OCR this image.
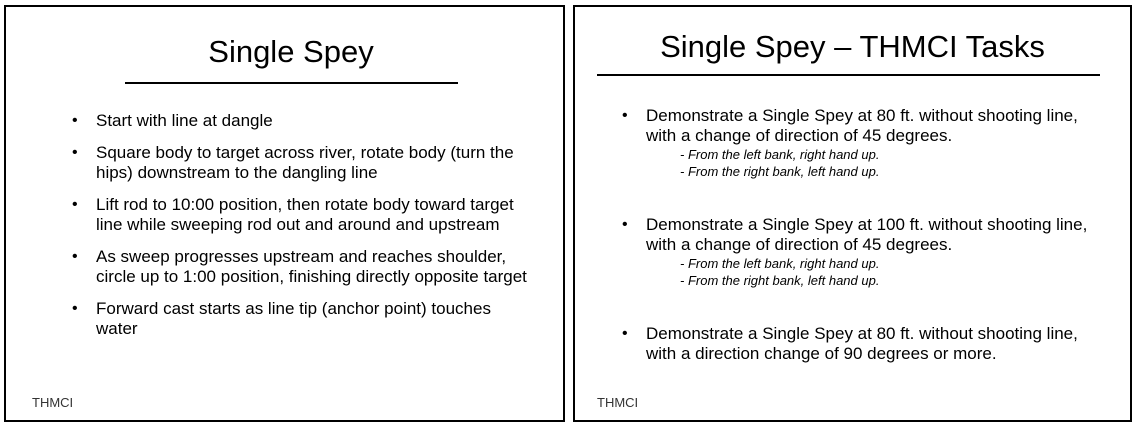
Single Spey
• Start with line at dangle
• Square body to target across river, rotate body (turn the hips) downstream to the dangling line
• Lift rod to 10:00 position, then rotate body toward target line while sweeping rod out and around and upstream
• As sweep progresses upstream and reaches shoulder, circle up to 1:00 position, finishing directly opposite target
• Forward cast starts as line tip (anchor point) touches water
THMCI
Single Spey – THMCI Tasks
• Demonstrate a Single Spey at 80 ft. without shooting line, with a change of direction of 45 degrees.
- From the left bank, right hand up.
- From the right bank, left hand up.
• Demonstrate a Single Spey at 100 ft. without shooting line, with a change of direction of 45 degrees.
- From the left bank, right hand up.
- From the right bank, left hand up.
• Demonstrate a Single Spey at 80 ft. without shooting line, with a direction change of 90 degrees or more.
THMCI
